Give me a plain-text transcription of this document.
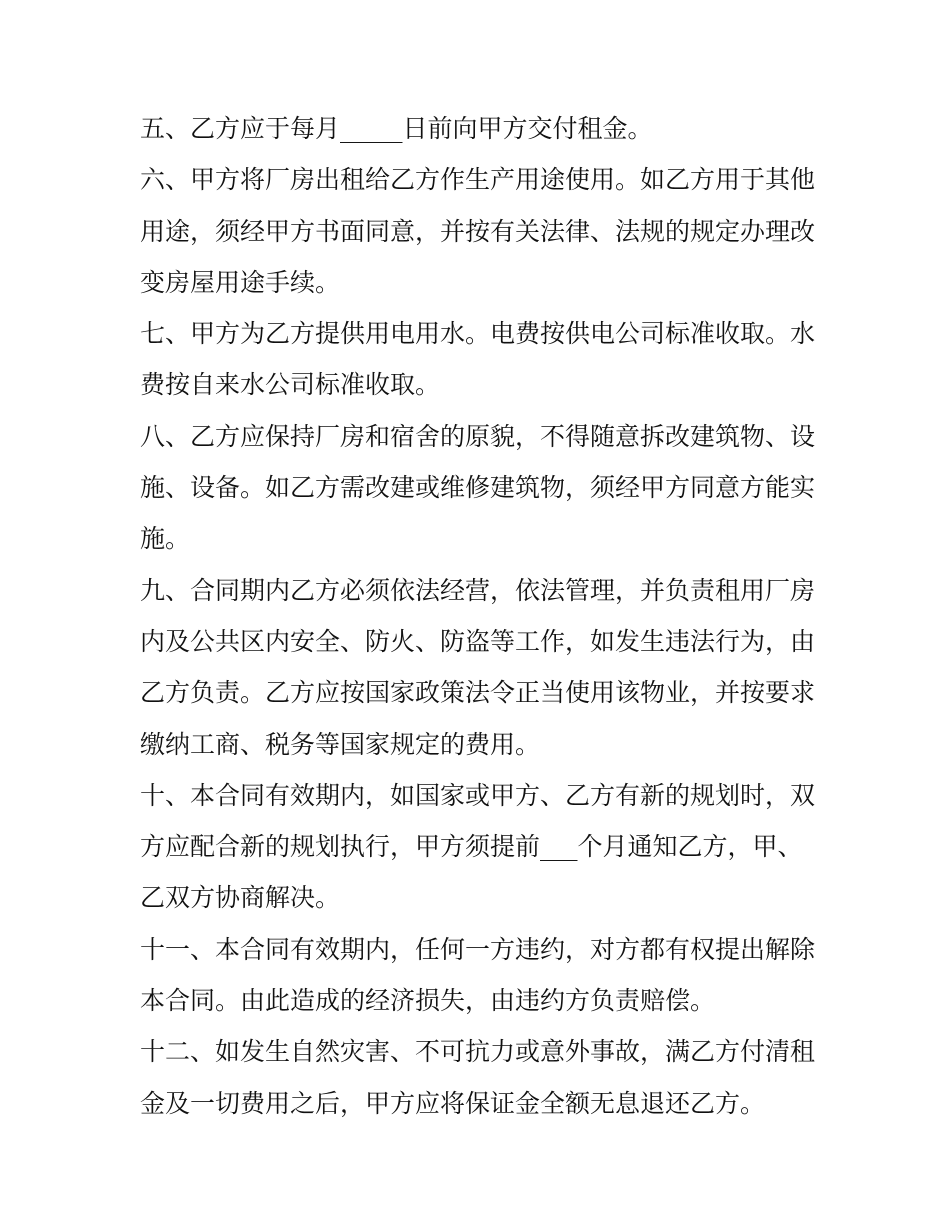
五、乙方应于每月_____日前向甲方交付租金。
六、甲方将厂房出租给乙方作生产用途使用。如乙方用于其他
用途，须经甲方书面同意，并按有关法律、法规的规定办理改
变房屋用途手续。
七、甲方为乙方提供用电用水。电费按供电公司标准收取。水
费按自来水公司标准收取。
八、乙方应保持厂房和宿舍的原貌，不得随意拆改建筑物、设
施、设备。如乙方需改建或维修建筑物，须经甲方同意方能实
施。
九、合同期内乙方必须依法经营，依法管理，并负责租用厂房
内及公共区内安全、防火、防盗等工作，如发生违法行为，由
乙方负责。乙方应按国家政策法令正当使用该物业，并按要求
缴纳工商、税务等国家规定的费用。
十、本合同有效期内，如国家或甲方、乙方有新的规划时，双
方应配合新的规划执行，甲方须提前___个月通知乙方，甲、
乙双方协商解决。
十一、本合同有效期内，任何一方违约，对方都有权提出解除
本合同。由此造成的经济损失，由违约方负责赔偿。
十二、如发生自然灾害、不可抗力或意外事故，满乙方付清租
金及一切费用之后，甲方应将保证金全额无息退还乙方。
